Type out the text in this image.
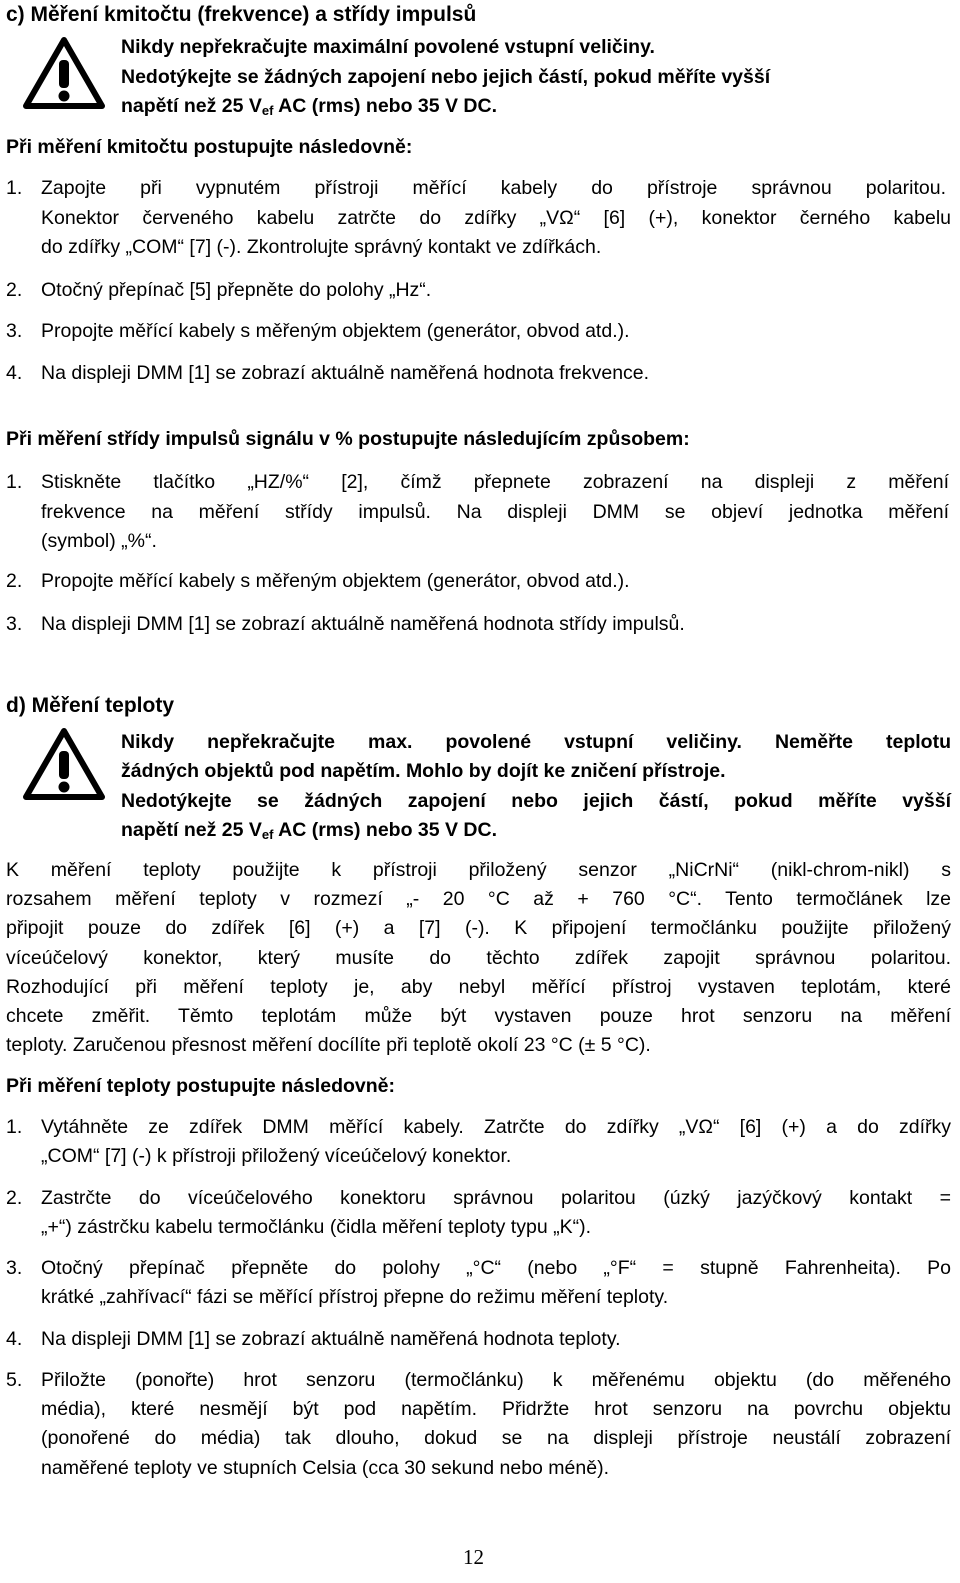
c) Měření kmitočtu (frekvence) a střídy impulsů
Nikdy nepřekračujte maximální povolené vstupní veličiny.
Nedotýkejte se žádných zapojení nebo jejich částí, pokud měříte vyšší
napětí než 25 Vef AC (rms) nebo 35 V DC.
Při měření kmitočtu postupujte následovně:
1. Zapojte při vypnutém přístroji měřící kabely do přístroje správnou polaritou.
Konektor červeného kabelu zatrčte do zdířky „VΩ“ [6] (+), konektor černého kabelu
do zdířky „COM“ [7] (-). Zkontrolujte správný kontakt ve zdířkách.
2. Otočný přepínač [5] přepněte do polohy „Hz“.
3. Propojte měřící kabely s měřeným objektem (generátor, obvod atd.).
4. Na displeji DMM [1] se zobrazí aktuálně naměřená hodnota frekvence.
Při měření střídy impulsů signálu v % postupujte následujícím způsobem:
1. Stiskněte tlačítko „HZ/%“ [2], čímž přepnete zobrazení na displeji z měření
frekvence na měření střídy impulsů. Na displeji DMM se objeví jednotka měření
(symbol) „%“.
2. Propojte měřící kabely s měřeným objektem (generátor, obvod atd.).
3. Na displeji DMM [1] se zobrazí aktuálně naměřená hodnota střídy impulsů.
d) Měření teploty
Nikdy nepřekračujte max. povolené vstupní veličiny. Neměřte teplotu
žádných objektů pod napětím. Mohlo by dojít ke zničení přístroje.
Nedotýkejte se žádných zapojení nebo jejich částí, pokud měříte vyšší
napětí než 25 Vef AC (rms) nebo 35 V DC.
K měření teploty použijte k přístroji přiložený senzor „NiCrNi“ (nikl-chrom-nikl) s
rozsahem měření teploty v rozmezí „- 20 °C až + 760 °C“. Tento termočlánek lze
připojit pouze do zdířek [6] (+) a [7] (-). K připojení termočlánku použijte přiložený
víceúčelový konektor, který musíte do těchto zdířek zapojit správnou polaritou.
Rozhodující při měření teploty je, aby nebyl měřící přístroj vystaven teplotám, které
chcete změřit. Těmto teplotám může být vystaven pouze hrot senzoru na měření
teploty. Zaručenou přesnost měření docílíte při teplotě okolí 23 °C (± 5 °C).
Při měření teploty postupujte následovně:
1. Vytáhněte ze zdířek DMM měřící kabely. Zatrčte do zdířky „VΩ“ [6] (+) a do zdířky
„COM“ [7] (-) k přístroji přiložený víceúčelový konektor.
2. Zastrčte do víceúčelového konektoru správnou polaritou (úzký jazýčkový kontakt =
„+“) zástrčku kabelu termočlánku (čidla měření teploty typu „K“).
3. Otočný přepínač přepněte do polohy „°C“ (nebo „°F“ = stupně Fahrenheita). Po
krátké „zahřívací“ fázi se měřící přístroj přepne do režimu měření teploty.
4. Na displeji DMM [1] se zobrazí aktuálně naměřená hodnota teploty.
5. Přiložte (ponořte) hrot senzoru (termočlánku) k měřenému objektu (do měřeného
média), které nesmějí být pod napětím. Přidržte hrot senzoru na povrchu objektu
(ponořené do média) tak dlouho, dokud se na displeji přístroje neustálí zobrazení
naměřené teploty ve stupních Celsia (cca 30 sekund nebo méně).
12
